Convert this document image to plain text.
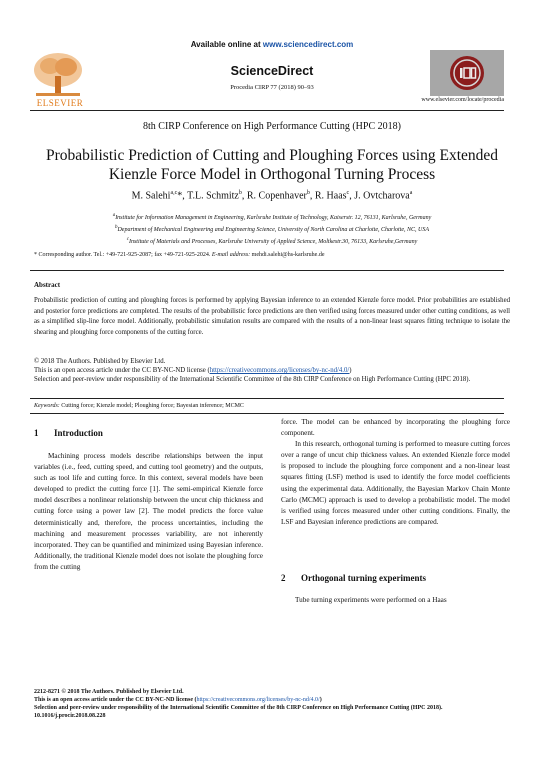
Available online at www.sciencedirect.com
ELSEVIER
ScienceDirect
Procedia CIRP 77 (2018) 90–93
www.elsevier.com/locate/procedia
8th CIRP Conference on High Performance Cutting (HPC 2018)
Probabilistic Prediction of Cutting and Ploughing Forces using Extended Kienzle Force Model in Orthogonal Turning Process
M. Salehi$^{a,c}$*, T.L. Schmitz$^b$, R. Copenhaver$^b$, R. Haas$^c$, J. Ovtcharova$^a$
$^a$Institute for Information Management in Engineering, Karlsruhe Institute of Technology, Kaiserstr. 12, 76131, Karlsruhe, Germany
$^b$Department of Mechanical Engineering and Engineering Science, University of North Carolina at Charlotte, Charlotte, NC, USA
$^c$Institute of Materials and Processes, Karlsruhe University of Applied Science, Moltkestr.30, 76133, Karlsruhe,Germany
* Corresponding author. Tel.: +49-721-925-2087; fax +49-721-925-2024. E-mail address: mehdi.salehi@hs-karlsruhe.de
Abstract
Probabilistic prediction of cutting and ploughing forces is performed by applying Bayesian inference to an extended Kienzle force model. Prior probabilities are established and posterior force predictions are completed. The results of the probabilistic force predictions are then verified using forces measured under other cutting conditions, as well as a simplified slip-line force model. Additionally, probabilistic simulation results are compared with the results of a non-linear least squares fitting technique to isolate the shearing and ploughing force components of the cutting force.
© 2018 The Authors. Published by Elsevier Ltd.
This is an open access article under the CC BY-NC-ND license (https://creativecommons.org/licenses/by-nc-nd/4.0/)
Selection and peer-review under responsibility of the International Scientific Committee of the 8th CIRP Conference on High Performance Cutting (HPC 2018).
Keywords: Cutting force; Kienzle model; Ploughing force; Bayesian inference; MCMC
1 Introduction

Machining process models describe relationships between the input variables (i.e., feed, cutting speed, and cutting tool geometry) and the outputs, such as tool life and cutting force. In this context, several models have been developed to predict the cutting force [1]. The semi-empirical Kienzle force model describes a nonlinear relationship between the uncut chip thickness and cutting force using a power law [2]. The model predicts the force value deterministically and, therefore, the process uncertainties, including the machining and measurement processes variability, are not inherently incorporated. They can be quantified and minimized using Bayesian inference. Additionally, the traditional Kienzle model does not isolate the ploughing force from the cutting

force. The model can be enhanced by incorporating the ploughing force component.

In this research, orthogonal turning is performed to measure cutting forces over a range of uncut chip thickness values. An extended Kienzle force model is proposed to include the ploughing force component and a non-linear least squares fitting (LSF) method is used to identify the force model coefficients using the experimental data. Additionally, the Bayesian Markov Chain Monte Carlo (MCMC) approach is used to develop a probabilistic model. The model is verified using forces measured under other cutting conditions. Finally, the LSF and Bayesian inference predictions are compared.

2 Orthogonal turning experiments

Tube turning experiments were performed on a Haas

2212-8271 © 2018 The Authors. Published by Elsevier Ltd.
This is an open access article under the CC BY-NC-ND license (https://creativecommons.org/licenses/by-nc-nd/4.0/)
Selection and peer-review under responsibility of the International Scientific Committee of the 8th CIRP Conference on High Performance Cutting (HPC 2018).
10.1016/j.procir.2018.08.228
